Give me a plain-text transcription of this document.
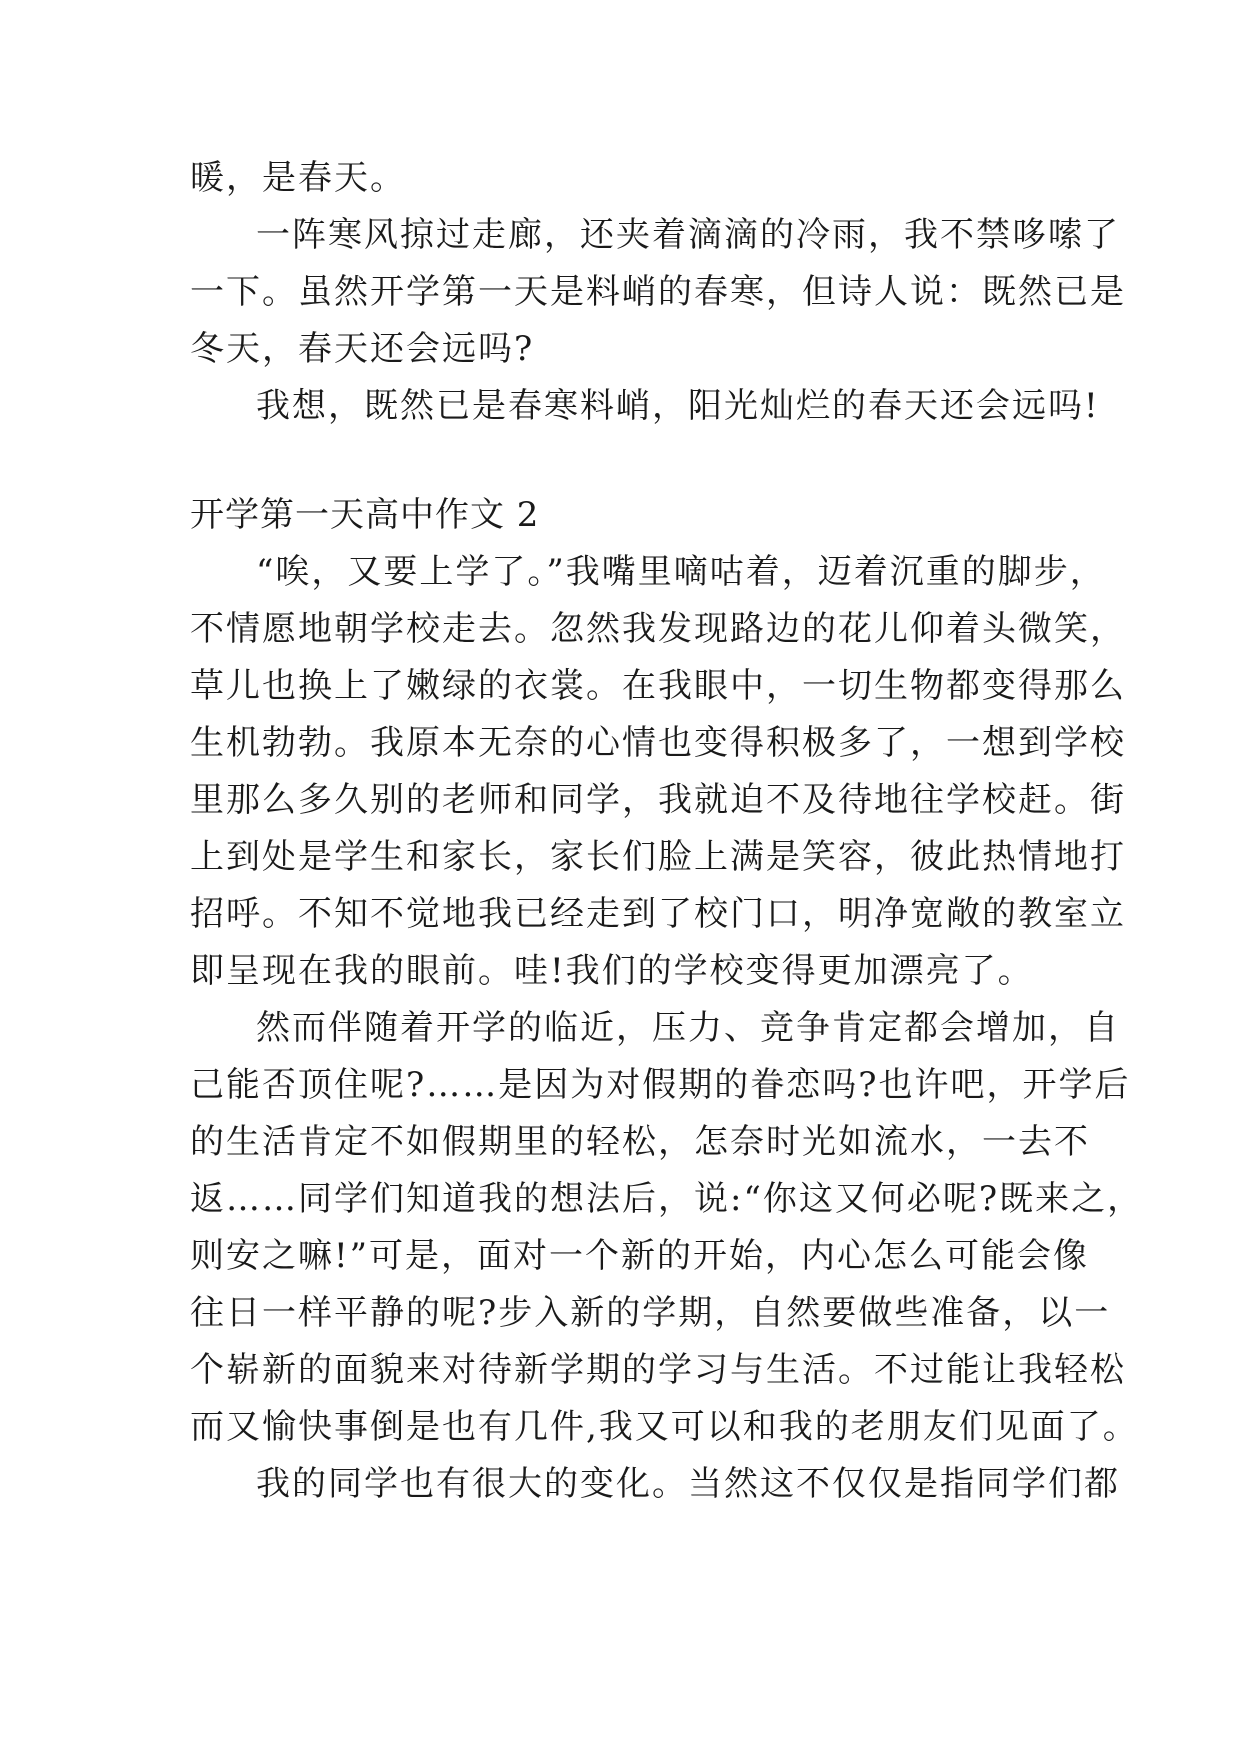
暖，是春天。
一阵寒风掠过走廊，还夹着滴滴的冷雨，我不禁哆嗦了
一下。虽然开学第一天是料峭的春寒，但诗人说：既然已是
冬天，春天还会远吗?
我想，既然已是春寒料峭，阳光灿烂的春天还会远吗!
开学第一天高中作文 2
“唉，又要上学了。”我嘴里嘀咕着，迈着沉重的脚步，
不情愿地朝学校走去。忽然我发现路边的花儿仰着头微笑，
草儿也换上了嫩绿的衣裳。在我眼中，一切生物都变得那么
生机勃勃。我原本无奈的心情也变得积极多了，一想到学校
里那么多久别的老师和同学，我就迫不及待地往学校赶。街
上到处是学生和家长，家长们脸上满是笑容，彼此热情地打
招呼。不知不觉地我已经走到了校门口，明净宽敞的教室立
即呈现在我的眼前。哇!我们的学校变得更加漂亮了。
然而伴随着开学的临近，压力、竞争肯定都会增加，自
己能否顶住呢?……是因为对假期的眷恋吗?也许吧，开学后
的生活肯定不如假期里的轻松，怎奈时光如流水，一去不
返……同学们知道我的想法后，说:“你这又何必呢?既来之，
则安之嘛!”可是，面对一个新的开始，内心怎么可能会像
往日一样平静的呢?步入新的学期，自然要做些准备，以一
个崭新的面貌来对待新学期的学习与生活。不过能让我轻松
而又愉快事倒是也有几件,我又可以和我的老朋友们见面了。
我的同学也有很大的变化。当然这不仅仅是指同学们都
